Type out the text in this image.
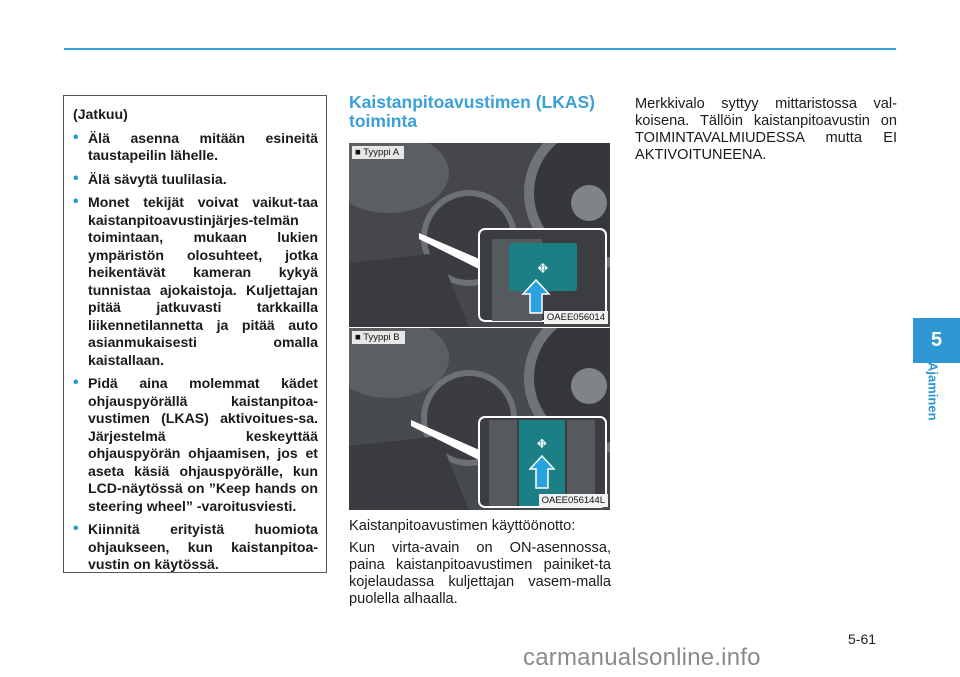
(Jatkuu)
• Älä asenna mitään esineitä taustapeilin lähelle.
• Älä sävytä tuulilasia.
• Monet tekijät voivat vaikut-taa kaistanpitoavustinjärjes-telmän toimintaan, mukaan lukien ympäristön olosuhteet, jotka heikentävät kameran kykyä tunnistaa ajokaistoja. Kuljettajan pitää jatkuvasti tarkkailla liikennetilannetta ja pitää auto asianmukaisesti omalla kaistallaan.
• Pidä aina molemmat kädet ohjauspyörällä kaistanpitoa-vustimen (LKAS) aktivoitues-sa. Järjestelmä keskeyttää ohjauspyörän ohjaamisen, jos et aseta käsiä ohjauspyörälle, kun LCD-näytössä on ”Keep hands on steering wheel” -varoitusviesti.
• Kiinnitä erityistä huomiota ohjaukseen, kun kaistanpitoa-vustin on käytössä.
Kaistanpitoavustimen (LKAS) toiminta
⛖
■ Tyyppi A
OAEE056014
⛖
■ Tyyppi B
OAEE056144L
Kaistanpitoavustimen käyttöönotto:
Kun virta-avain on ON-asennossa, paina kaistanpitoavustimen painiket-ta kojelaudassa kuljettajan vasem-malla puolella alhaalla.
Merkkivalo syttyy mittaristossa val-koisena. Tällöin kaistanpitoavustin on TOIMINTAVALMIUDESSA mutta EI AKTIVOITUNEENA.
5
Ajaminen
5-61
carmanualsonline.info
